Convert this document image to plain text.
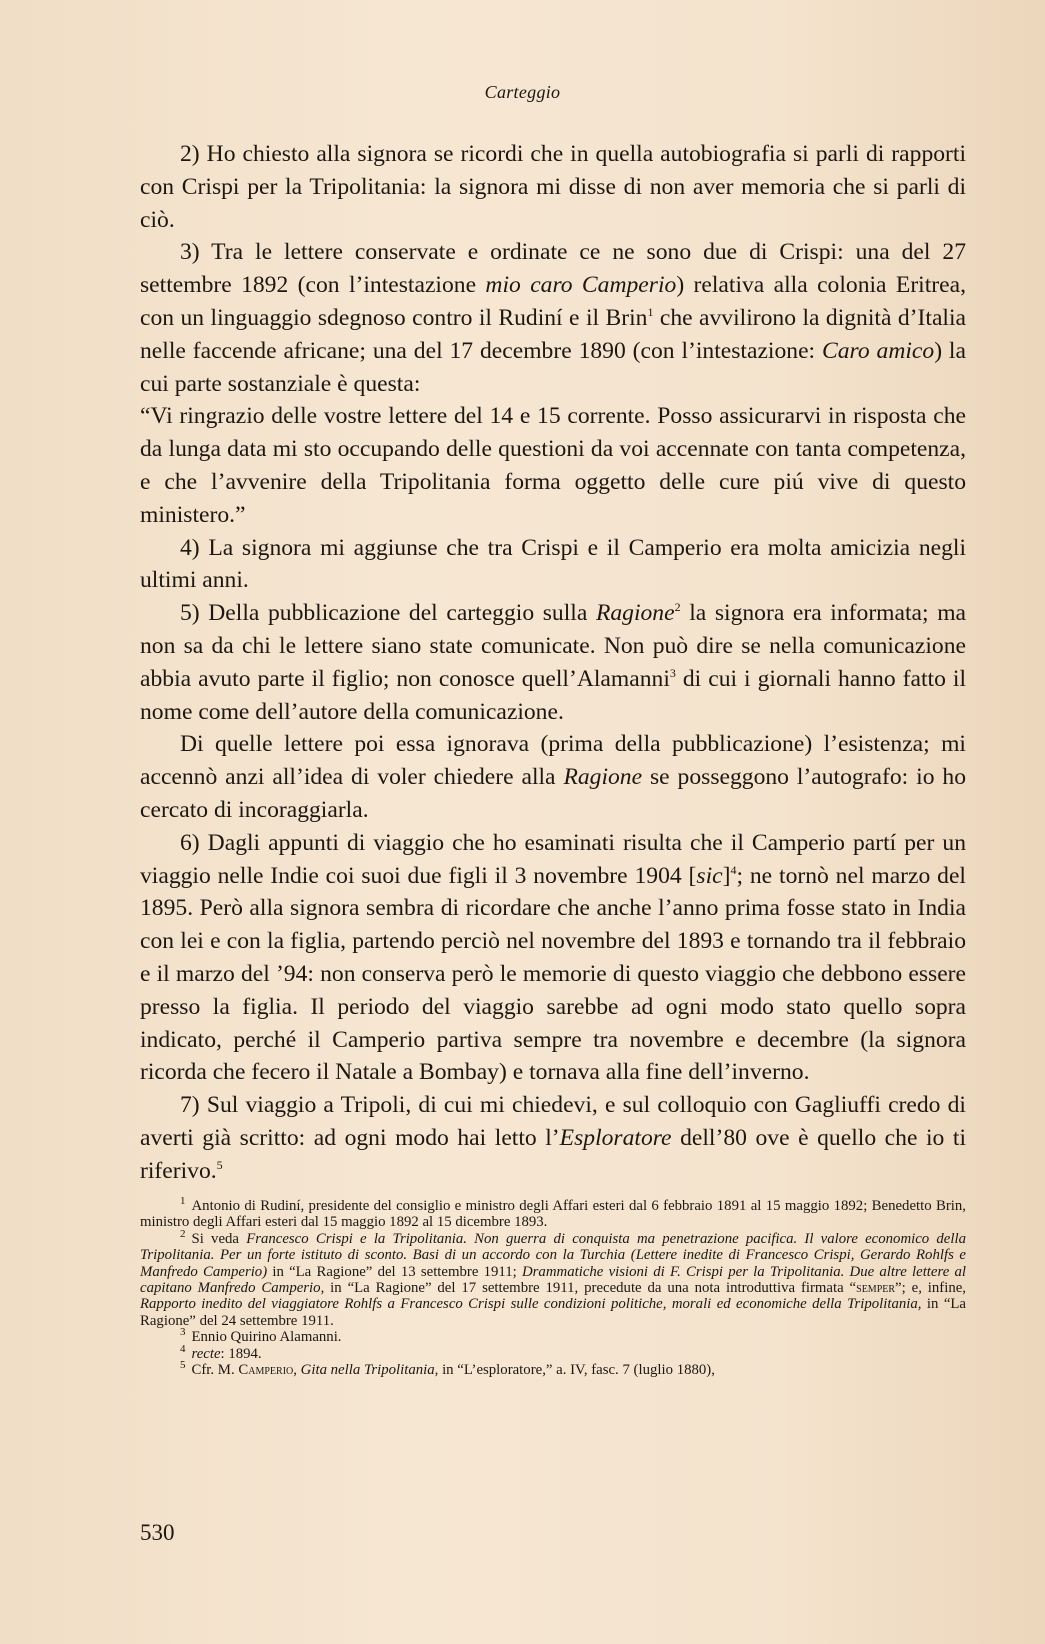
Carteggio

2) Ho chiesto alla signora se ricordi che in quella autobiografia si parli di rapporti con Crispi per la Tripolitania: la signora mi disse di non aver memoria che si parli di ciò.

3) Tra le lettere conservate e ordinate ce ne sono due di Crispi: una del 27 settembre 1892 (con l’intestazione mio caro Camperio) relativa alla colonia Eritrea, con un linguaggio sdegnoso contro il Rudiní e il Brin$^1$ che avvilirono la dignità d’Italia nelle faccende africane; una del 17 decembre 1890 (con l’intestazione: Caro amico) la cui parte sostanziale è questa:

“Vi ringrazio delle vostre lettere del 14 e 15 corrente. Posso assicurarvi in risposta che da lunga data mi sto occupando delle questioni da voi accennate con tanta competenza, e che l’avvenire della Tripolitania forma oggetto delle cure piú vive di questo ministero.”

4) La signora mi aggiunse che tra Crispi e il Camperio era molta amicizia negli ultimi anni.

5) Della pubblicazione del carteggio sulla Ragione$^2$ la signora era informata; ma non sa da chi le lettere siano state comunicate. Non può dire se nella comunicazione abbia avuto parte il figlio; non conosce quell’Alamanni$^3$ di cui i giornali hanno fatto il nome come dell’autore della comunicazione.

Di quelle lettere poi essa ignorava (prima della pubblicazione) l’esistenza; mi accennò anzi all’idea di voler chiedere alla Ragione se posseggono l’autografo: io ho cercato di incoraggiarla.

6) Dagli appunti di viaggio che ho esaminati risulta che il Camperio partí per un viaggio nelle Indie coi suoi due figli il 3 novembre 1904 [sic]$^4$; ne tornò nel marzo del 1895. Però alla signora sembra di ricordare che anche l’anno prima fosse stato in India con lei e con la figlia, partendo perciò nel novembre del 1893 e tornando tra il febbraio e il marzo del ’94: non conserva però le memorie di questo viaggio che debbono essere presso la figlia. Il periodo del viaggio sarebbe ad ogni modo stato quello sopra indicato, perché il Camperio partiva sempre tra novembre e decembre (la signora ricorda che fecero il Natale a Bombay) e tornava alla fine dell’inverno.

7) Sul viaggio a Tripoli, di cui mi chiedevi, e sul colloquio con Gagliuffi credo di averti già scritto: ad ogni modo hai letto l’Esploratore dell’80 ove è quello che io ti riferivo.$^5$

$^1$ Antonio di Rudiní, presidente del consiglio e ministro degli Affari esteri dal 6 febbraio 1891 al 15 maggio 1892; Benedetto Brin, ministro degli Affari esteri dal 15 maggio 1892 al 15 dicembre 1893.

$^2$ Si veda Francesco Crispi e la Tripolitania. Non guerra di conquista ma penetrazione pacifica. Il valore economico della Tripolitania. Per un forte istituto di sconto. Basi di un accordo con la Turchia (Lettere inedite di Francesco Crispi, Gerardo Rohlfs e Manfredo Camperio) in “La Ragione” del 13 settembre 1911; Drammatiche visioni di F. Crispi per la Tripolitania. Due altre lettere al capitano Manfredo Camperio, in “La Ragione” del 17 settembre 1911, precedute da una nota introduttiva firmata “semper”; e, infine, Rapporto inedito del viaggiatore Rohlfs a Francesco Crispi sulle condizioni politiche, morali ed economiche della Tripolitania, in “La Ragione” del 24 settembre 1911.

$^3$ Ennio Quirino Alamanni.

$^4$ recte: 1894.

$^5$ Cfr. M. Camperio, Gita nella Tripolitania, in “L’esploratore,” a. IV, fasc. 7 (luglio 1880),

530
